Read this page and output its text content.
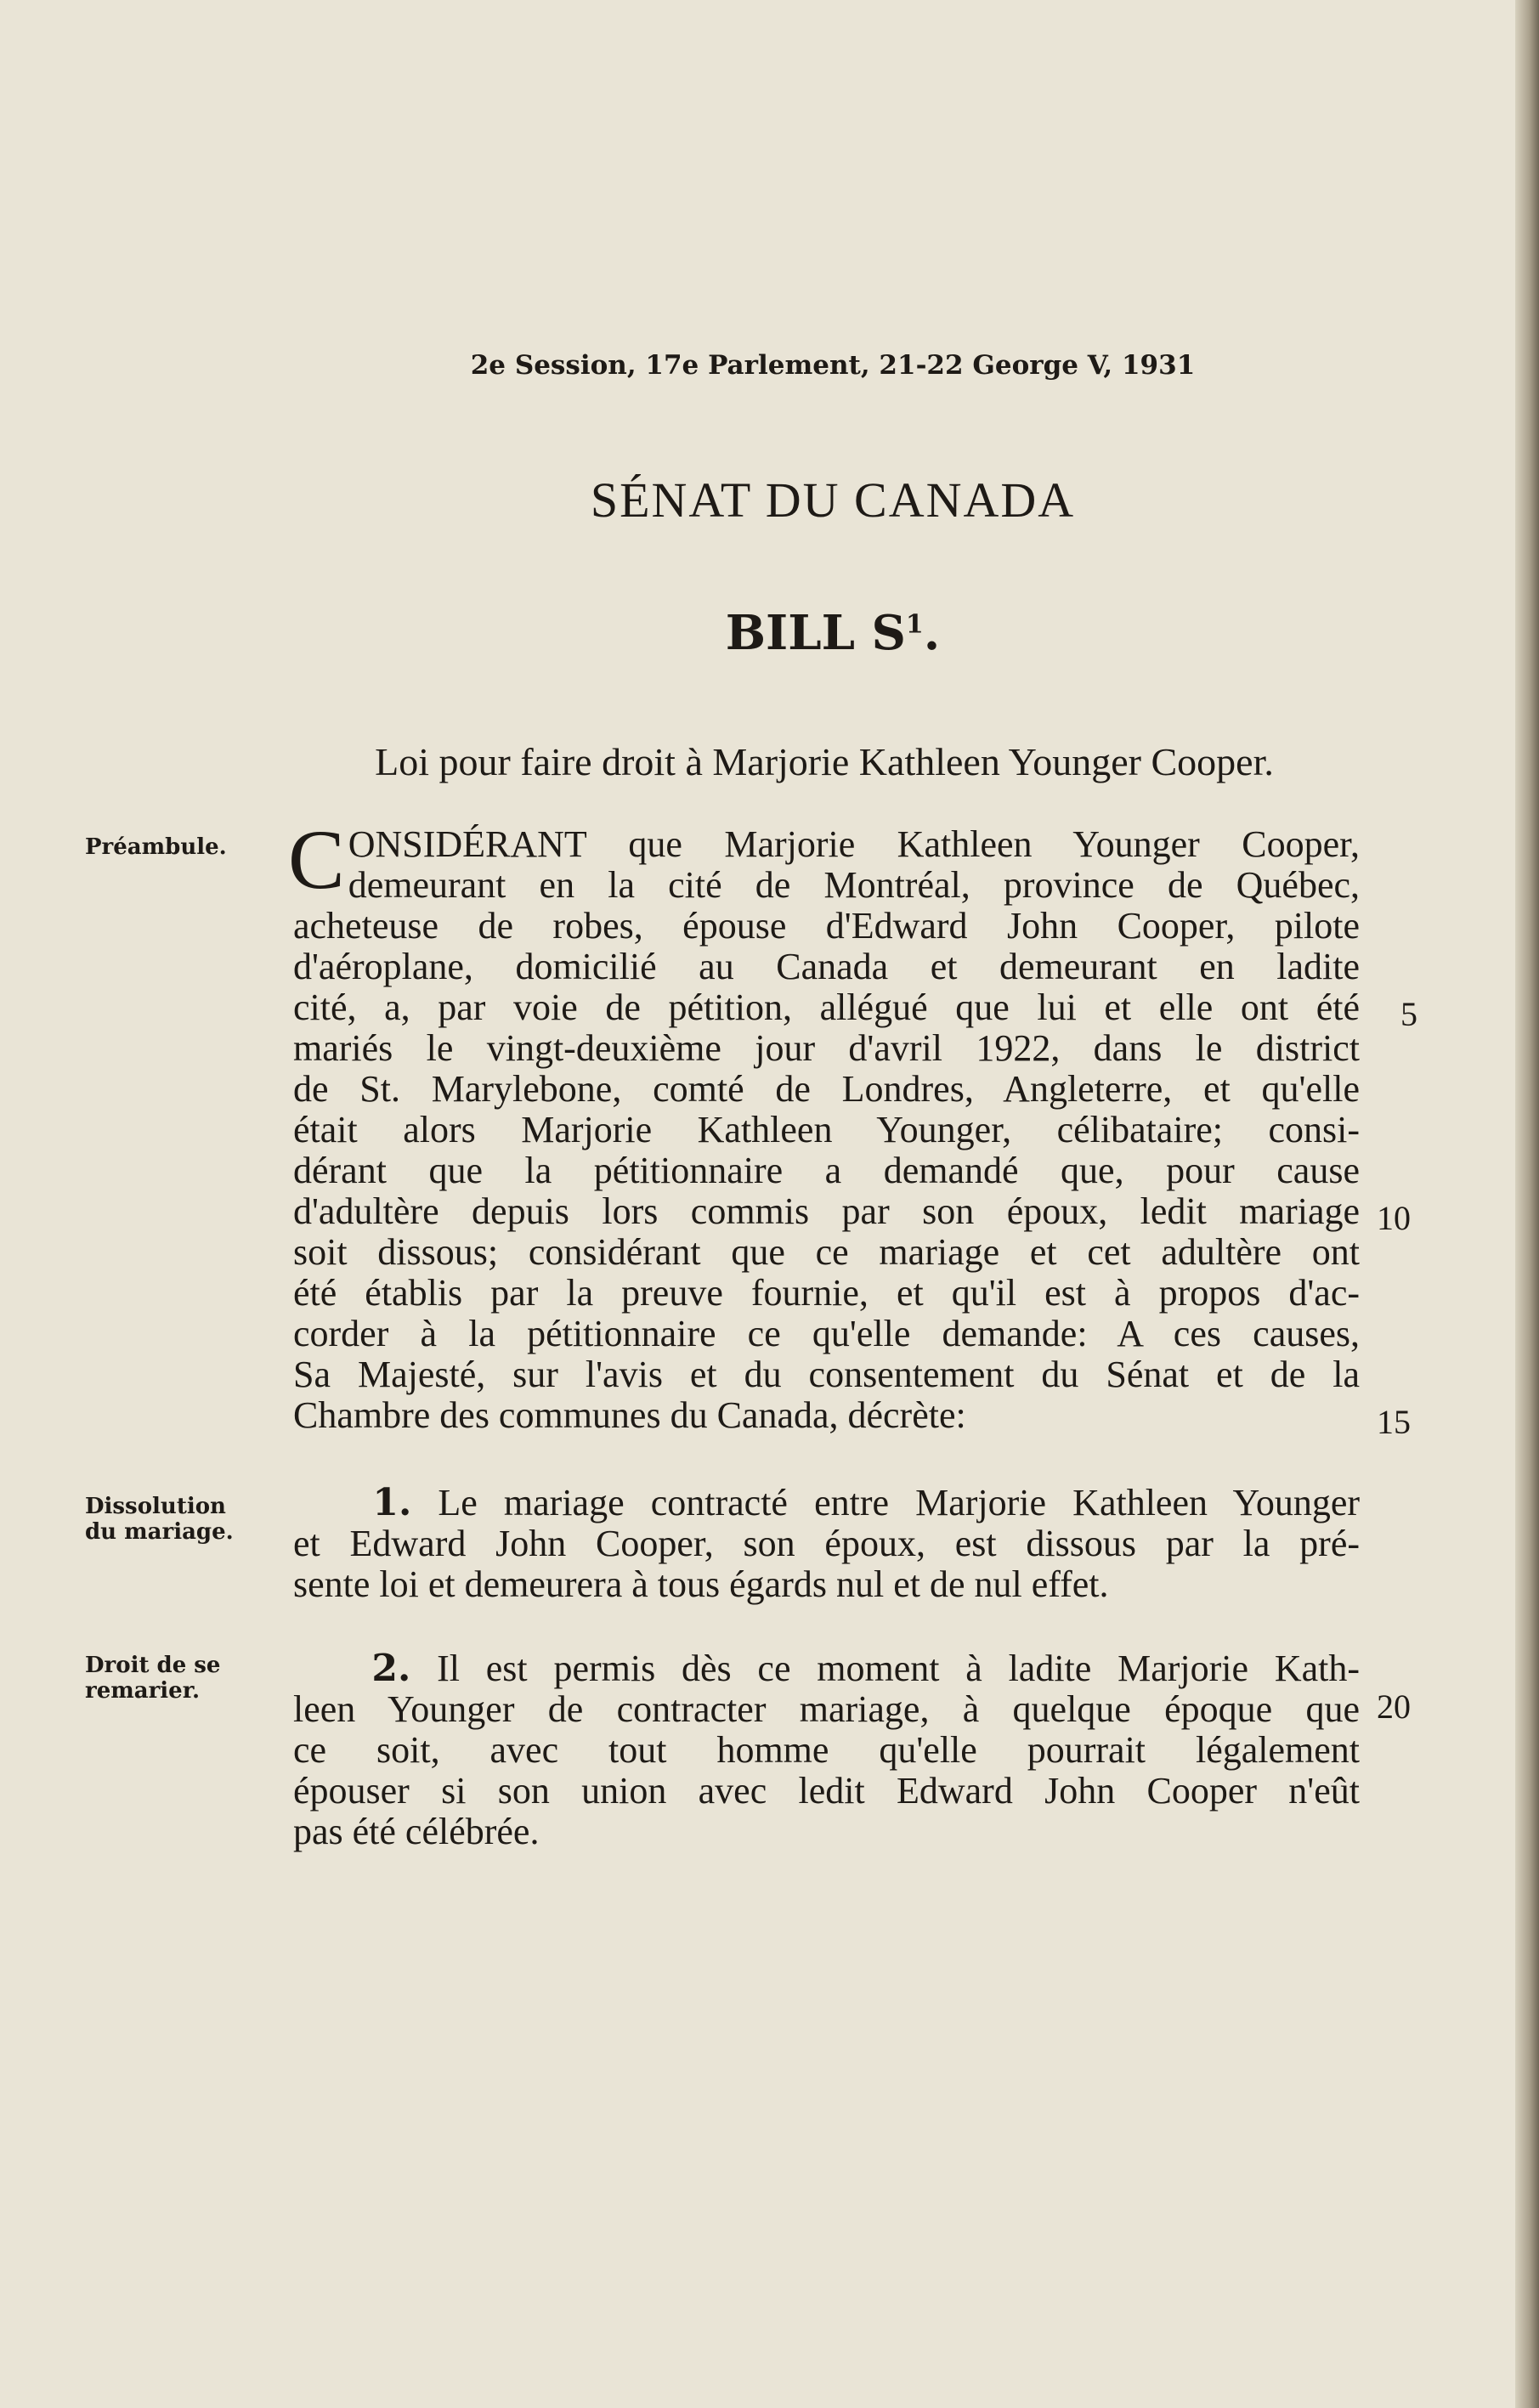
2e Session, 17e Parlement, 21-22 George V, 1931
SÉNAT DU CANADA
BILL $S^1$.
Loi pour faire droit à Marjorie Kathleen Younger Cooper.
Préambule.
Dissolution
du mariage.
Droit de se
remarier.
C ONSIDÉRANT que Marjorie Kathleen Younger Cooper,
demeurant en la cité de Montréal, province de Québec,
acheteuse de robes, épouse d'Edward John Cooper, pilote
d'aéroplane, domicilié au Canada et demeurant en ladite
cité, a, par voie de pétition, allégué que lui et elle ont été
mariés le vingt-deuxième jour d'avril 1922, dans le district
de St. Marylebone, comté de Londres, Angleterre, et qu'elle
était alors Marjorie Kathleen Younger, célibataire; consi-
dérant que la pétitionnaire a demandé que, pour cause
d'adultère depuis lors commis par son époux, ledit mariage
soit dissous; considérant que ce mariage et cet adultère ont
été établis par la preuve fournie, et qu'il est à propos d'ac-
corder à la pétitionnaire ce qu'elle demande: A ces causes,
Sa Majesté, sur l'avis et du consentement du Sénat et de la
Chambre des communes du Canada, décrète:
1. Le mariage contracté entre Marjorie Kathleen Younger
et Edward John Cooper, son époux, est dissous par la pré-
sente loi et demeurera à tous égards nul et de nul effet.
2. Il est permis dès ce moment à ladite Marjorie Kath-
leen Younger de contracter mariage, à quelque époque que
ce soit, avec tout homme qu'elle pourrait légalement
épouser si son union avec ledit Edward John Cooper n'eût
pas été célébrée.
5
10
15
20
